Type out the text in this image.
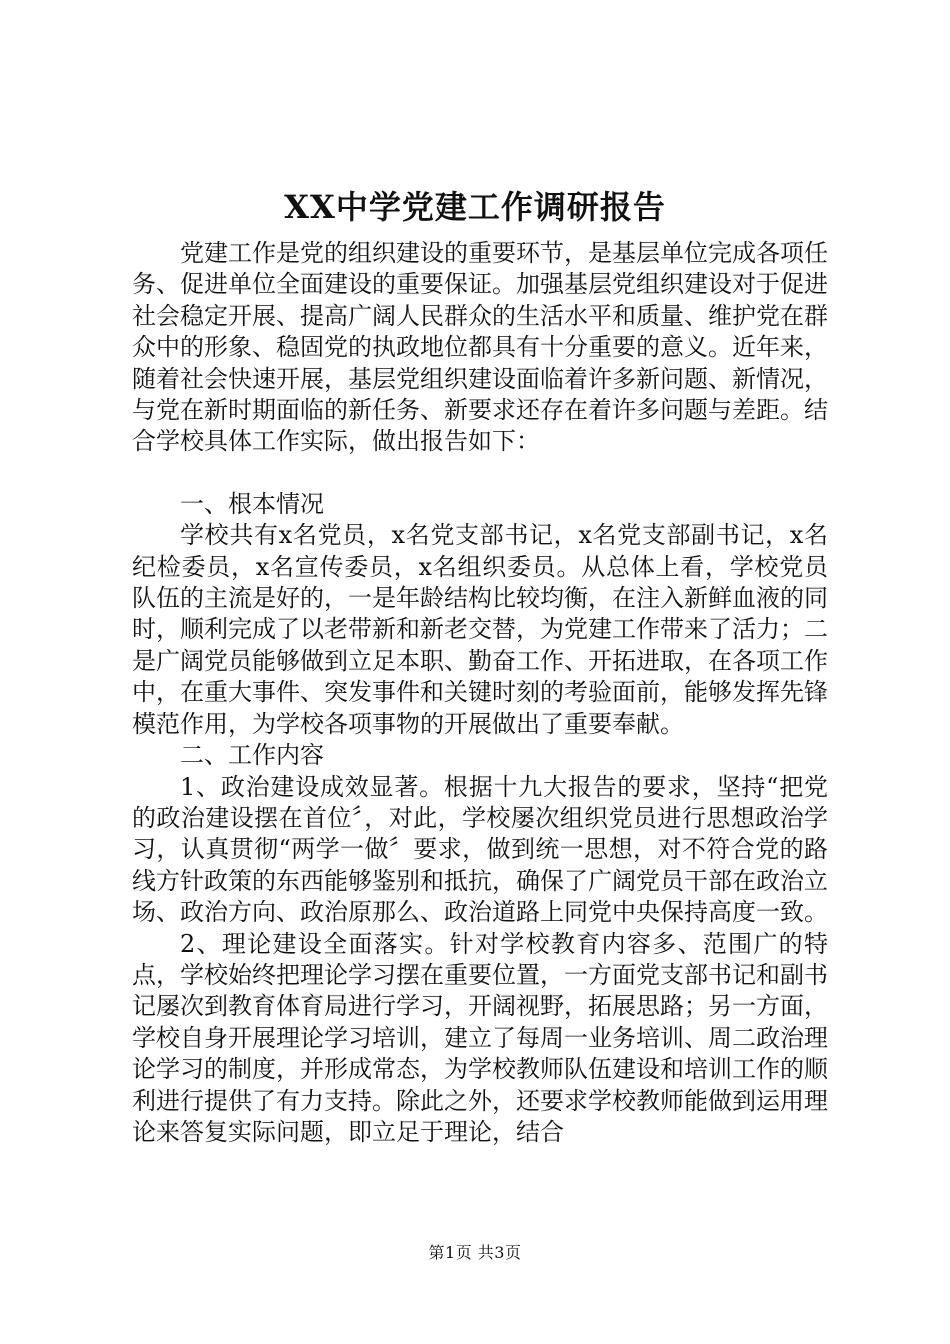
XX中学党建工作调研报告

党建工作是党的组织建设的重要环节，是基层单位完成各项任务、促进单位全面建设的重要保证。加强基层党组织建设对于促进社会稳定开展、提高广阔人民群众的生活水平和质量、维护党在群众中的形象、稳固党的执政地位都具有十分重要的意义。近年来，随着社会快速开展，基层党组织建设面临着许多新问题、新情况，与党在新时期面临的新任务、新要求还存在着许多问题与差距。结合学校具体工作实际，做出报告如下：

一、根本情况

学校共有x名党员，x名党支部书记，x名党支部副书记，x名纪检委员，x名宣传委员，x名组织委员。从总体上看，学校党员队伍的主流是好的，一是年龄结构比较均衡，在注入新鲜血液的同时，顺利完成了以老带新和新老交替，为党建工作带来了活力；二是广阔党员能够做到立足本职、勤奋工作、开拓进取，在各项工作中，在重大事件、突发事件和关键时刻的考验面前，能够发挥先锋模范作用，为学校各项事物的开展做出了重要奉献。

二、工作内容

1、政治建设成效显著。根据十九大报告的要求，坚持“把党的政治建设摆在首位〞，对此，学校屡次组织党员进行思想政治学习，认真贯彻“两学一做〞要求，做到统一思想，对不符合党的路线方针政策的东西能够鉴别和抵抗，确保了广阔党员干部在政治立场、政治方向、政治原那么、政治道路上同党中央保持高度一致。

2、理论建设全面落实。针对学校教育内容多、范围广的特点，学校始终把理论学习摆在重要位置，一方面党支部书记和副书记屡次到教育体育局进行学习，开阔视野，拓展思路；另一方面，学校自身开展理论学习培训，建立了每周一业务培训、周二政治理论学习的制度，并形成常态，为学校教师队伍建设和培训工作的顺利进行提供了有力支持。除此之外，还要求学校教师能做到运用理论来答复实际问题，即立足于理论，结合

第1页 共3页
